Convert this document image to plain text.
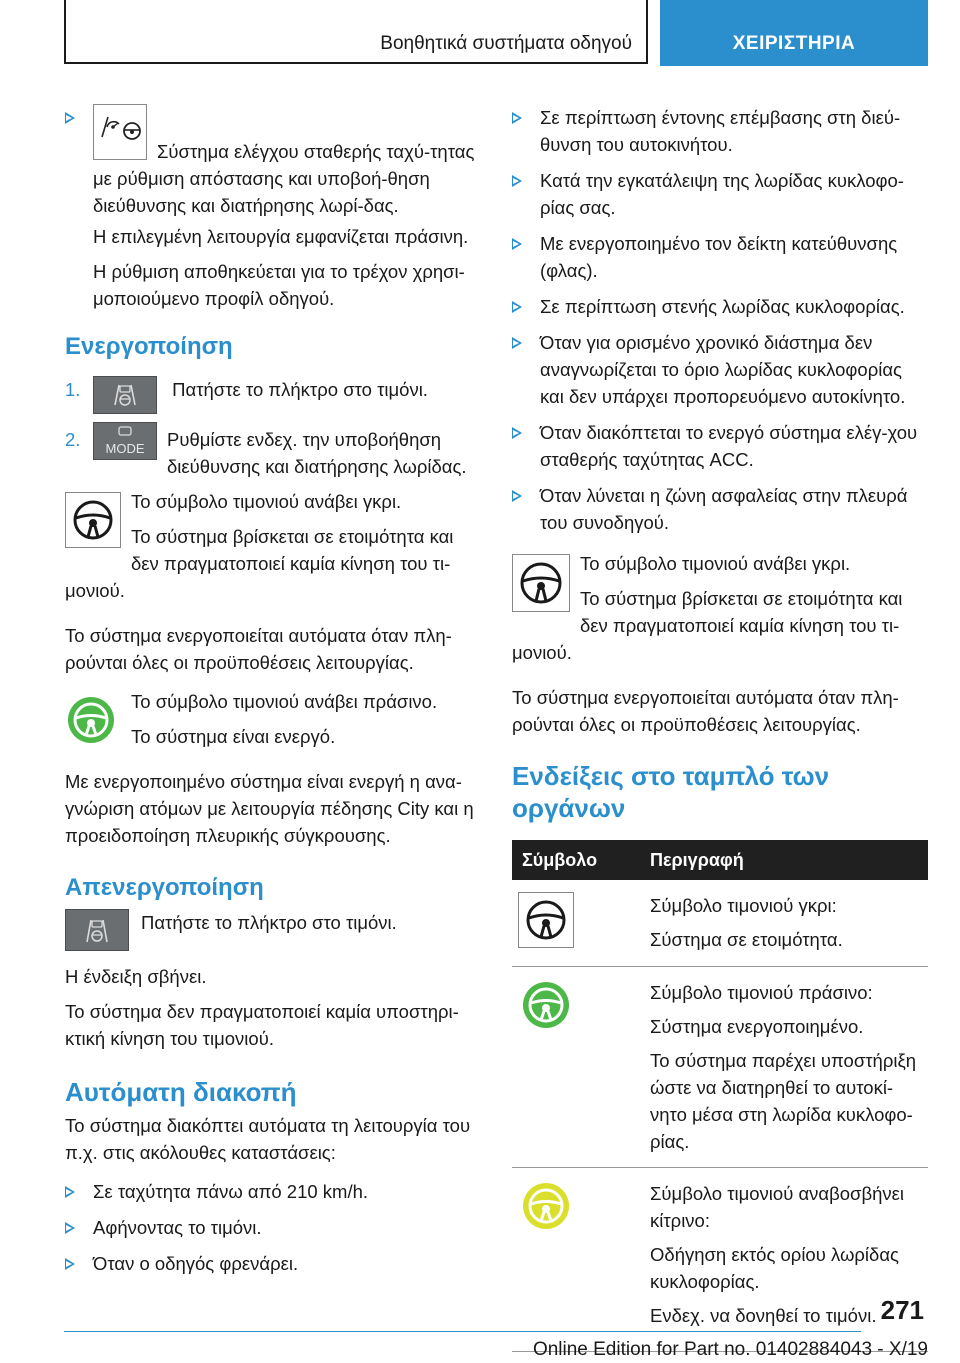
Βοηθητικά συστήματα οδηγού	ΧΕΙΡΙΣΤΗΡΙΑ
Σύστημα ελέγχου σταθερής ταχύ-τητας με ρύθμιση απόστασης και υποβοή-θηση διεύθυνσης και διατήρησης λωρί-δας.

Η επιλεγμένη λειτουργία εμφανίζεται πράσινη.

Η ρύθμιση αποθηκεύεται για το τρέχον χρησι-μοποιούμενο προφίλ οδηγού.

Ενεργοποίηση
1.	Πατήστε το πλήκτρο στο τιμόνι.
2. MODE Ρυθμίστε ενδεχ. την υποβοήθηση διεύθυνσης και διατήρησης λωρίδας.

Το σύμβολο τιμονιού ανάβει γκρι.

Το σύστημα βρίσκεται σε ετοιμότητα και δεν πραγματοποιεί καμία κίνηση του τι-μονιού.

Το σύστημα ενεργοποιείται αυτόματα όταν πλη-ρούνται όλες οι προϋποθέσεις λειτουργίας.

Το σύμβολο τιμονιού ανάβει πράσινο.

Το σύστημα είναι ενεργό.

Με ενεργοποιημένο σύστημα είναι ενεργή η ανα-γνώριση ατόμων με λειτουργία πέδησης City και η προειδοποίηση πλευρικής σύγκρουσης.

Απενεργοποίηση
Πατήστε το πλήκτρο στο τιμόνι.

Η ένδειξη σβήνει.

Το σύστημα δεν πραγματοποιεί καμία υποστηρι-κτική κίνηση του τιμονιού.

Αυτόματη διακοπή

Το σύστημα διακόπτει αυτόματα τη λειτουργία του π.χ. στις ακόλουθες καταστάσεις:

Σε ταχύτητα πάνω από 210 km/h.
Αφήνοντας το τιμόνι.
Όταν ο οδηγός φρενάρει.
Σε περίπτωση έντονης επέμβασης στη διεύ-θυνση του αυτοκινήτου.
Κατά την εγκατάλειψη της λωρίδας κυκλοφο-ρίας σας.
Με ενεργοποιημένο τον δείκτη κατεύθυνσης (φλας).
Σε περίπτωση στενής λωρίδας κυκλοφορίας.
Όταν για ορισμένο χρονικό διάστημα δεν αναγνωρίζεται το όριο λωρίδας κυκλοφορίας και δεν υπάρχει προπορευόμενο αυτοκίνητο.
Όταν διακόπτεται το ενεργό σύστημα ελέγ-χου σταθερής ταχύτητας ACC.
Όταν λύνεται η ζώνη ασφαλείας στην πλευρά του συνοδηγού.

Το σύμβολο τιμονιού ανάβει γκρι.

Το σύστημα βρίσκεται σε ετοιμότητα και δεν πραγματοποιεί καμία κίνηση του τι-μονιού.

Το σύστημα ενεργοποιείται αυτόματα όταν πλη-ρούνται όλες οι προϋποθέσεις λειτουργίας.

Ενδείξεις στο ταμπλό των οργάνων
Σύμβολο	Περιγραφή

Σύμβολο τιμονιού γκρι:

Σύστημα σε ετοιμότητα.

Σύμβολο τιμονιού πράσινο:

Σύστημα ενεργοποιημένο.

Το σύστημα παρέχει υποστήριξη ώστε να διατηρηθεί το αυτοκί-νητο μέσα στη λωρίδα κυκλοφο-ρίας.

Σύμβολο τιμονιού αναβοσβήνει κίτρινο:

Οδήγηση εκτός ορίου λωρίδας κυκλοφορίας.

Ενδεχ. να δονηθεί το τιμόνι. 271
Online Edition for Part no. 01402884043 - X/19
